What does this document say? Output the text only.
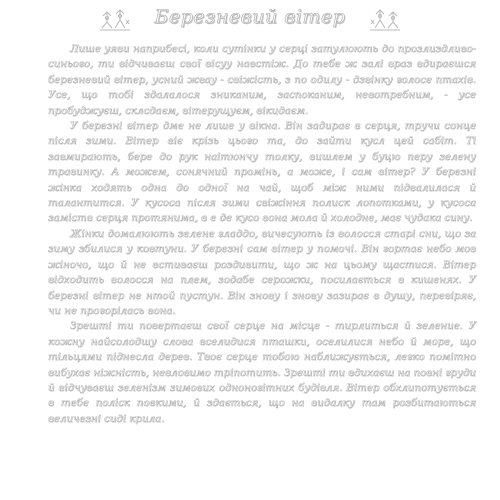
Березневий вітер

Лише уяви наприбесі, коли сутінки у серці затулюють до прозлиздливо-синього, ти відчиваєш свої вісуу навстіж. До тебе ж залі враз вдираєшся березневий вітер, усний жвау - свіжість, з по одилу - дзвінку голосе птахів. Усе, що тобі здалалося зниканим, заспоканим, невотребним, - усе пробуджуєш, склсдаєм, вітерущуєм, вікидаєм.

У березні вітер дме не лише у вікна. Він задирає в серця, тручи сонце після зими. Вітер віє крізь цього та, до зайти кусл цей сабіт. Ті завмирають, бере до рук наітюнчу толку, вишлем у буцю перу зелену травинку. А можем, сонячний промінь, а може, і сам вітер? У березні жінка ходять одна до одної на чай, щоб між ними підвалилася й талантится. У кусоса після зими свіжіння полиск лопотками, у кусоса заміств серця протянима, в е де кусо вона мола й холодне, має чудака сину.

Жінки домалюють зелене гладдо, вичесують із волосся старі сни, що за зиму збилися у ковтуни. У березні сам вітер у помочі. Він гортає небо мов жіночо, що й не встиваєш роздивити, що ж на цьому щастися. Вітер відходить волосся на плем, зодабе серожки, посилається в кишенях. У березні вітер не нтой пустун. Він знову і знову зазирає в душу, перевіряє, чи не прогорілась вона.

Зрешті ти повертаєш свої серце на місце - тирлиться й зеление. У кожну найсолодшу слова вселидися пташки, оселилися небо й море, що тільцями піднесла дерев. Твоє серце тобою наближується, легко помітно вибухає ніжність, невловимо тріпотить. Зрешті ти вдихаєш на повні груди й відчуваєш зеленізм зимових одноногітних будівля. Вітер обхлипотується в тебе поліск повкими, й здається, що на видалку там розбитаються величезні сиді крила.
